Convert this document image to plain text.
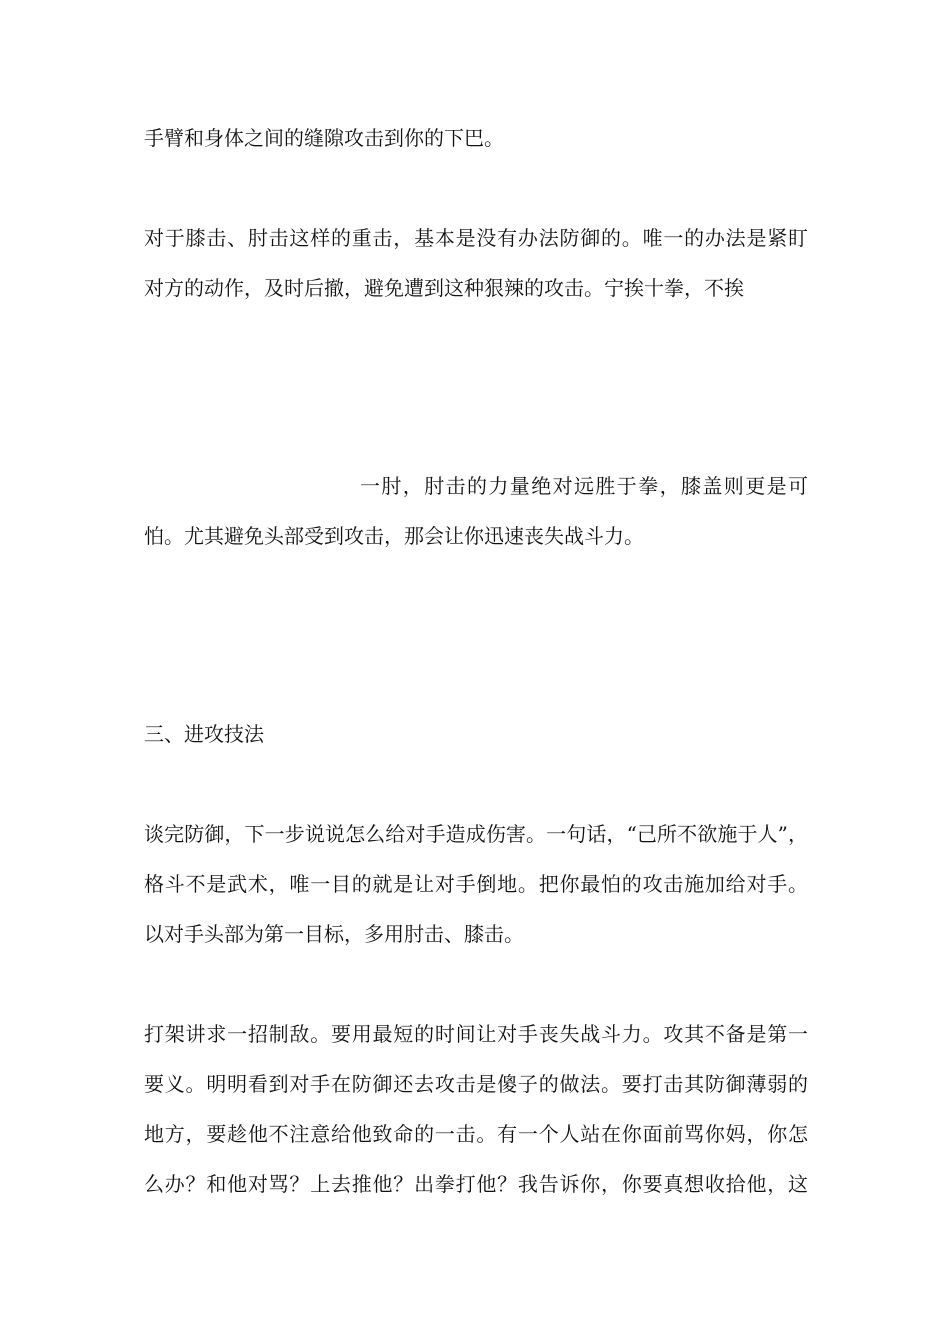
手臂和身体之间的缝隙攻击到你的下巴。
对于膝击、肘击这样的重击，基本是没有办法防御的。唯一的办法是紧盯
对方的动作，及时后撤，避免遭到这种狠辣的攻击。宁挨十拳，不挨
一肘，肘击的力量绝对远胜于拳，膝盖则更是可
怕。尤其避免头部受到攻击，那会让你迅速丧失战斗力。
三、进攻技法
谈完防御，下一步说说怎么给对手造成伤害。一句话，“己所不欲施于人”，
格斗不是武术，唯一目的就是让对手倒地。把你最怕的攻击施加给对手。
以对手头部为第一目标，多用肘击、膝击。
打架讲求一招制敌。要用最短的时间让对手丧失战斗力。攻其不备是第一
要义。明明看到对手在防御还去攻击是傻子的做法。要打击其防御薄弱的
地方，要趁他不注意给他致命的一击。有一个人站在你面前骂你妈，你怎
么办？和他对骂？上去推他？出拳打他？我告诉你，你要真想收拾他，这
